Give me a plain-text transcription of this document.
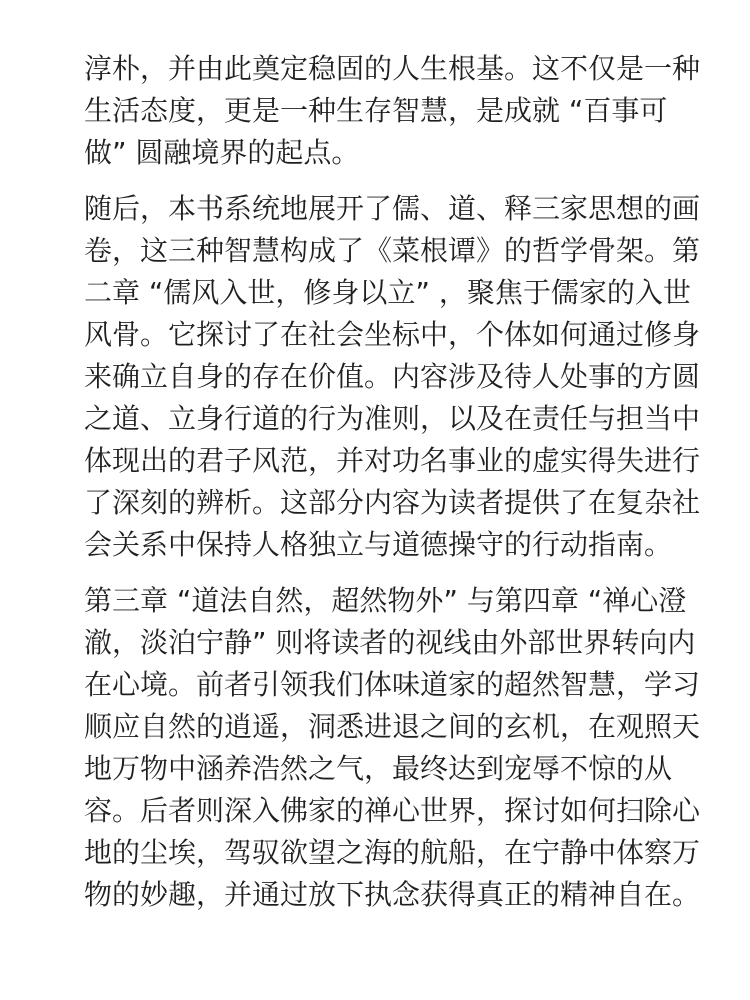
淳朴，并由此奠定稳固的人生根基。这不仅是一种
生活态度，更是一种生存智慧，是成就 “百事可
做” 圆融境界的起点。

随后，本书系统地展开了儒、道、释三家思想的画
卷，这三种智慧构成了《菜根谭》的哲学骨架。第
二章 “儒风入世，修身以立” ，聚焦于儒家的入世
风骨。它探讨了在社会坐标中，个体如何通过修身
来确立自身的存在价值。内容涉及待人处事的方圆
之道、立身行道的行为准则，以及在责任与担当中
体现出的君子风范，并对功名事业的虚实得失进行
了深刻的辨析。这部分内容为读者提供了在复杂社
会关系中保持人格独立与道德操守的行动指南。

第三章 “道法自然，超然物外” 与第四章 “禅心澄
澈，淡泊宁静” 则将读者的视线由外部世界转向内
在心境。前者引领我们体味道家的超然智慧，学习
顺应自然的逍遥，洞悉进退之间的玄机，在观照天
地万物中涵养浩然之气，最终达到宠辱不惊的从
容。后者则深入佛家的禅心世界，探讨如何扫除心
地的尘埃，驾驭欲望之海的航船，在宁静中体察万
物的妙趣，并通过放下执念获得真正的精神自在。
